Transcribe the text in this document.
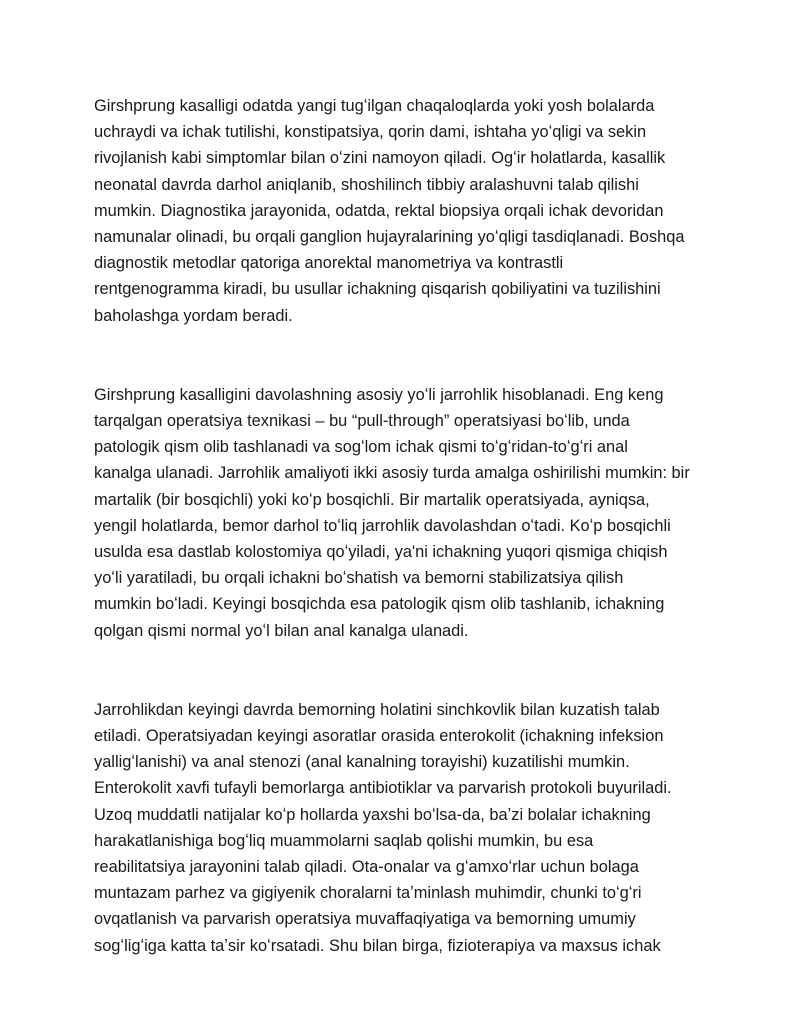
Girshprung kasalligi odatda yangi tugʻilgan chaqaloqlarda yoki yosh bolalarda
uchraydi va ichak tutilishi, konstipatsiya, qorin dami, ishtaha yoʻqligi va sekin
rivojlanish kabi simptomlar bilan oʻzini namoyon qiladi. Ogʻir holatlarda, kasallik
neonatal davrda darhol aniqlanib, shoshilinch tibbiy aralashuvni talab qilishi
mumkin. Diagnostika jarayonida, odatda, rektal biopsiya orqali ichak devoridan
namunalar olinadi, bu orqali ganglion hujayralarining yoʻqligi tasdiqlanadi. Boshqa
diagnostik metodlar qatoriga anorektal manometriya va kontrastli
rentgenogramma kiradi, bu usullar ichakning qisqarish qobiliyatini va tuzilishini
baholashga yordam beradi.

Girshprung kasalligini davolashning asosiy yoʻli jarrohlik hisoblanadi. Eng keng
tarqalgan operatsiya texnikasi – bu “pull-through” operatsiyasi boʻlib, unda
patologik qism olib tashlanadi va sogʻlom ichak qismi toʻgʻridan-toʻgʻri anal
kanalga ulanadi. Jarrohlik amaliyoti ikki asosiy turda amalga oshirilishi mumkin: bir
martalik (bir bosqichli) yoki koʻp bosqichli. Bir martalik operatsiyada, ayniqsa,
yengil holatlarda, bemor darhol toʻliq jarrohlik davolashdan oʻtadi. Koʻp bosqichli
usulda esa dastlab kolostomiya qoʻyiladi, ya'ni ichakning yuqori qismiga chiqish
yoʻli yaratiladi, bu orqali ichakni boʻshatish va bemorni stabilizatsiya qilish
mumkin boʻladi. Keyingi bosqichda esa patologik qism olib tashlanib, ichakning
qolgan qismi normal yoʻl bilan anal kanalga ulanadi.

Jarrohlikdan keyingi davrda bemorning holatini sinchkovlik bilan kuzatish talab
etiladi. Operatsiyadan keyingi asoratlar orasida enterokolit (ichakning infeksion
yalligʻlanishi) va anal stenozi (anal kanalning torayishi) kuzatilishi mumkin.
Enterokolit xavfi tufayli bemorlarga antibiotiklar va parvarish protokoli buyuriladi.
Uzoq muddatli natijalar koʻp hollarda yaxshi boʻlsa-da, baʼzi bolalar ichakning
harakatlanishiga bogʻliq muammolarni saqlab qolishi mumkin, bu esa
reabilitatsiya jarayonini talab qiladi. Ota-onalar va gʻamxoʻrlar uchun bolaga
muntazam parhez va gigiyenik choralarni taʼminlash muhimdir, chunki toʻgʻri
ovqatlanish va parvarish operatsiya muvaffaqiyatiga va bemorning umumiy
sogʻligʻiga katta taʼsir koʻrsatadi. Shu bilan birga, fizioterapiya va maxsus ichak
